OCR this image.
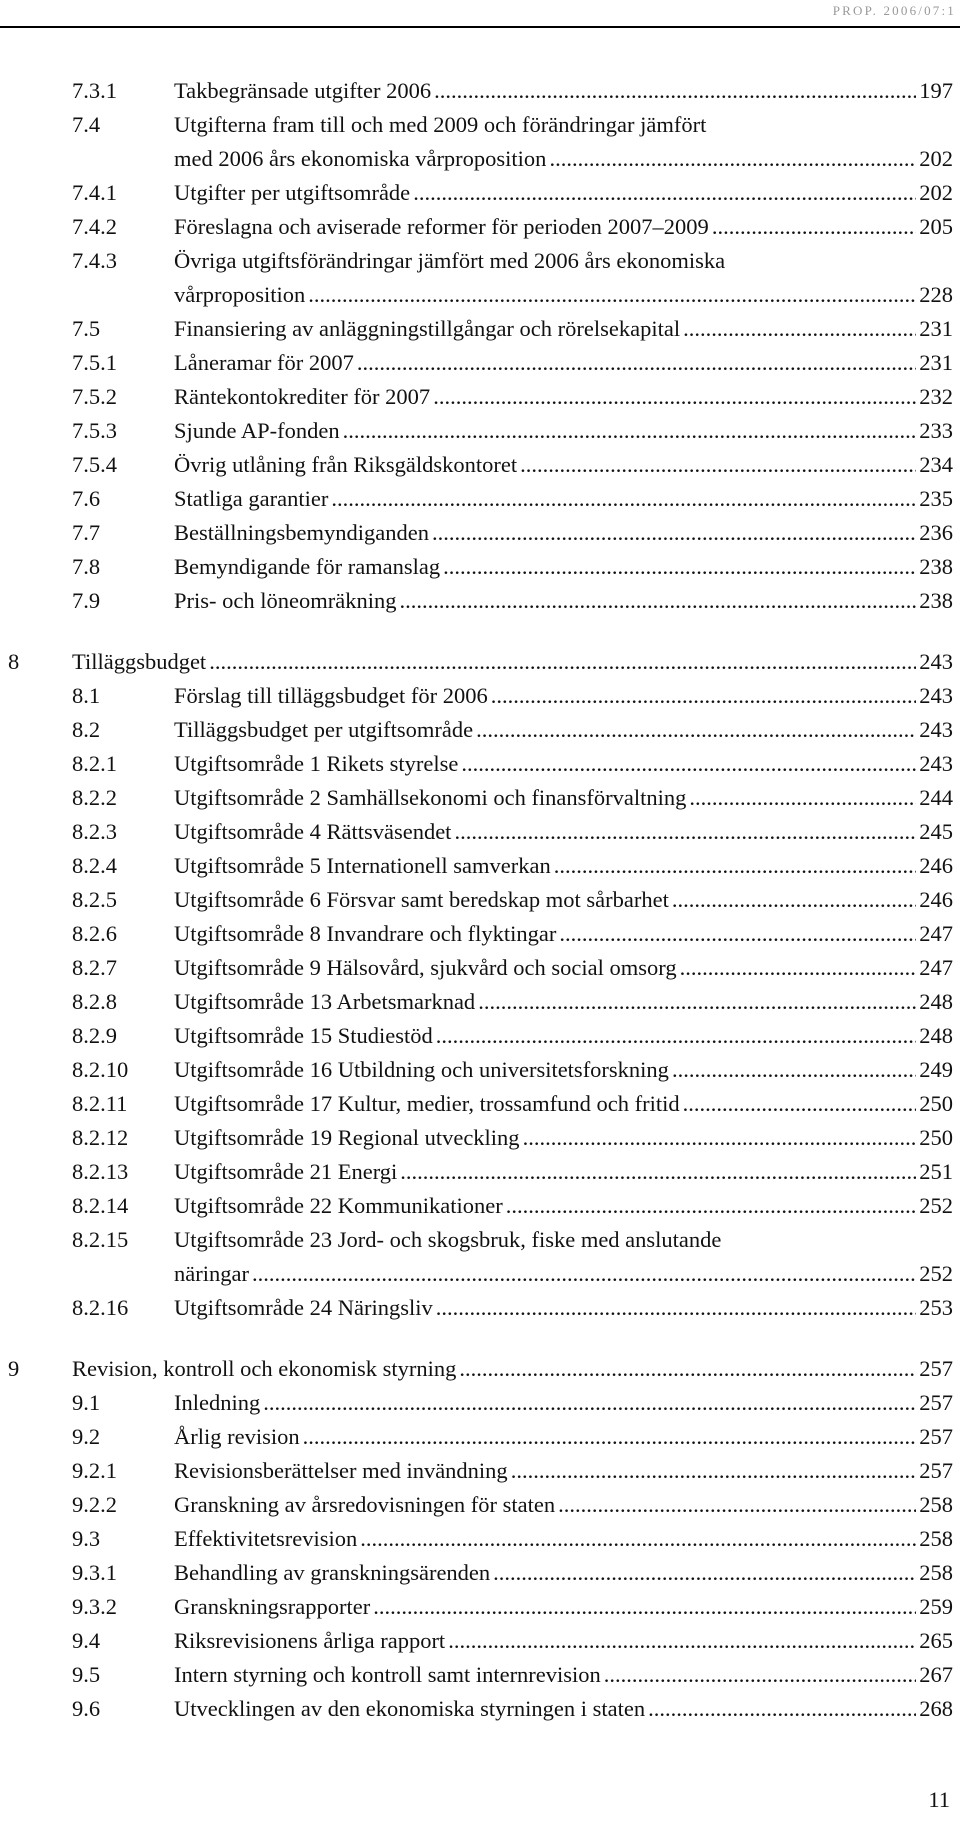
PROP. 2006/07:1
7.3.1	Takbegränsade utgifter 2006 .....	197
7.4	Utgifterna fram till och med 2009 och förändringar jämfört
med 2006 års ekonomiska vårproposition .....	202
7.4.1	Utgifter per utgiftsområde .....	202
7.4.2	Föreslagna och aviserade reformer för perioden 2007–2009 .....	205
7.4.3	Övriga utgiftsförändringar jämfört med 2006 års ekonomiska
vårproposition .....	228
7.5	Finansiering av anläggningstillgångar och rörelsekapital .....	231
7.5.1	Låneramar för 2007 .....	231
7.5.2	Räntekontokrediter för 2007 .....	232
7.5.3	Sjunde AP-fonden .....	233
7.5.4	Övrig utlåning från Riksgäldskontoret .....	234
7.6	Statliga garantier .....	235
7.7	Beställningsbemyndiganden .....	236
7.8	Bemyndigande för ramanslag .....	238
7.9	Pris- och löneomräkning .....	238
8 Tilläggsbudget .....	243
8.1	Förslag till tilläggsbudget för 2006 .....	243
8.2	Tilläggsbudget per utgiftsområde .....	243
8.2.1	Utgiftsområde 1 Rikets styrelse .....	243
8.2.2	Utgiftsområde 2 Samhällsekonomi och finansförvaltning .....	244
8.2.3	Utgiftsområde 4 Rättsväsendet .....	245
8.2.4	Utgiftsområde 5 Internationell samverkan .....	246
8.2.5	Utgiftsområde 6 Försvar samt beredskap mot sårbarhet .....	246
8.2.6	Utgiftsområde 8 Invandrare och flyktingar .....	247
8.2.7	Utgiftsområde 9 Hälsovård, sjukvård och social omsorg .....	247
8.2.8	Utgiftsområde 13 Arbetsmarknad .....	248
8.2.9	Utgiftsområde 15 Studiestöd .....	248
8.2.10 Utgiftsområde 16 Utbildning och universitetsforskning .....	249
8.2.11 Utgiftsområde 17 Kultur, medier, trossamfund och fritid .....	250
8.2.12 Utgiftsområde 19 Regional utveckling .....	250
8.2.13 Utgiftsområde 21 Energi .....	251
8.2.14 Utgiftsområde 22 Kommunikationer .....	252
8.2.15 Utgiftsområde 23 Jord- och skogsbruk, fiske med anslutande
näringar .....	252
8.2.16 Utgiftsområde 24 Näringsliv .....	253
9 Revision, kontroll och ekonomisk styrning .....	257
9.1	Inledning .....	257
9.2	Årlig revision .....	257
9.2.1	Revisionsberättelser med invändning .....	257
9.2.2	Granskning av årsredovisningen för staten .....	258
9.3	Effektivitetsrevision .....	258
9.3.1	Behandling av granskningsärenden .....	258
9.3.2	Granskningsrapporter .....	259
9.4	Riksrevisionens årliga rapport .....	265
9.5	Intern styrning och kontroll samt internrevision .....	267
9.6	Utvecklingen av den ekonomiska styrningen i staten .....	268
11
